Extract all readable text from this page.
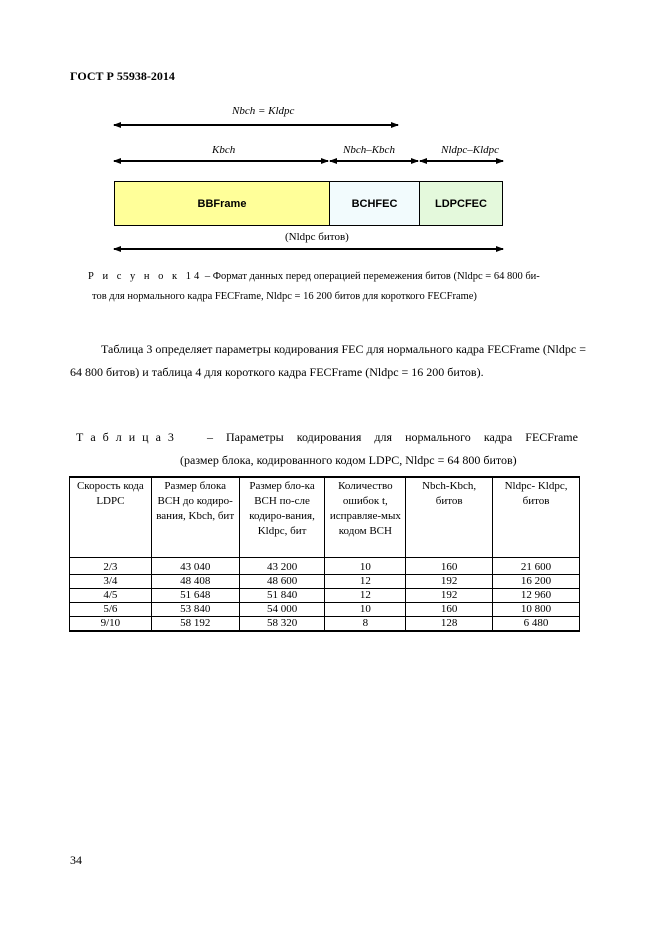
ГОСТ Р 55938-2014
Nbch = Kldpc
Kbch	Nbch–Kbch	Nldpc–Kldpc
BBFrame	BCHFEC	LDPCFEC
(Nldpc битов)
Р и с у н о к 14 – Формат данных перед операцией перемежения битов (Nldpc = 64 800 би-
тов для нормального кадра FECFrame, Nldpc = 16 200 битов для короткого FECFrame)
Таблица 3 определяет параметры кодирования FEC для нормального кадра FECFrame (Nldpc = 64 800 битов) и таблица 4 для короткого кадра FECFrame (Nldpc = 16 200 битов).
Т а б л и ц а 3	– Параметры кодирования для нормального кадра FECFrame
(размер блока, кодированного кодом LDPC, Nldpc = 64 800 битов)
Скорость кода LDPC	Размер блока BCH до кодиро-вания, Kbch, бит	Размер бло-ка BCH по-сле кодиро-вания, Kldpc, бит	Количество ошибок t, исправляе-мых кодом BCH	Nbch-Kbch, битов	Nldpc- Kldpc, битов
2/3	43 040	43 200	10	160	21 600
3/4	48 408	48 600	12	192	16 200
4/5	51 648	51 840	12	192	12 960
5/6	53 840	54 000	10	160	10 800
9/10	58 192	58 320	8	128	6 480
34
